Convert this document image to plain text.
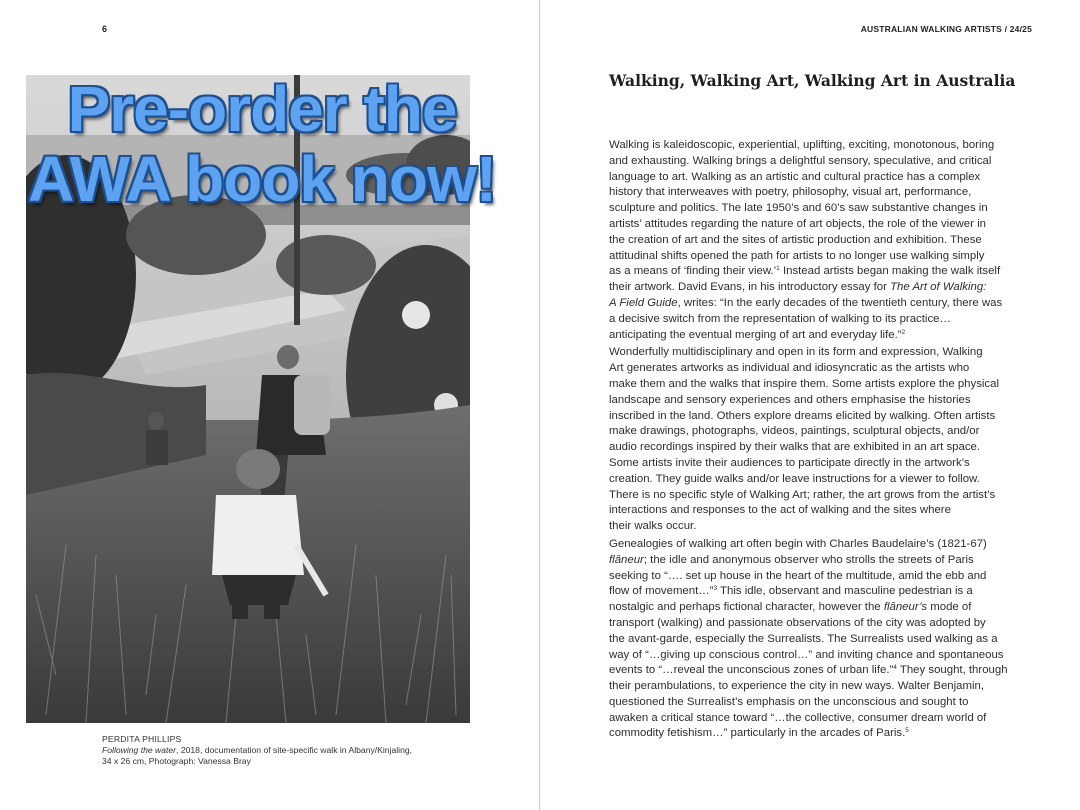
6
Pre-order the
AWA book now!
PERDITA PHILLIPS
Following the water, 2018, documentation of site-specific walk in Albany/Kinjaling,
34 x 26 cm, Photograph: Vanessa Bray
AUSTRALIAN WALKING ARTISTS / 24/25
Walking, Walking Art, Walking Art in Australia

Walking is kaleidoscopic, experiential, uplifting, exciting, monotonous, boring
and exhausting. Walking brings a delightful sensory, speculative, and critical
language to art. Walking as an artistic and cultural practice has a complex
history that interweaves with poetry, philosophy, visual art, performance,
sculpture and politics. The late 1950’s and 60’s saw substantive changes in
artists’ attitudes regarding the nature of art objects, the role of the viewer in
the creation of art and the sites of artistic production and exhibition. These
attitudinal shifts opened the path for artists to no longer use walking simply
as a means of ‘finding their view.’$^1$ Instead artists began making the walk itself
their artwork. David Evans, in his introductory essay for The Art of Walking:
A Field Guide, writes: “In the early decades of the twentieth century, there was
a decisive switch from the representation of walking to its practice…
anticipating the eventual merging of art and everyday life.”$^2$

Wonderfully multidisciplinary and open in its form and expression, Walking
Art generates artworks as individual and idiosyncratic as the artists who
make them and the walks that inspire them. Some artists explore the physical
landscape and sensory experiences and others emphasise the histories
inscribed in the land. Others explore dreams elicited by walking. Often artists
make drawings, photographs, videos, paintings, sculptural objects, and/or
audio recordings inspired by their walks that are exhibited in an art space.
Some artists invite their audiences to participate directly in the artwork’s
creation. They guide walks and/or leave instructions for a viewer to follow.
There is no specific style of Walking Art; rather, the art grows from the artist’s
interactions and responses to the act of walking and the sites where
their walks occur.

Genealogies of walking art often begin with Charles Baudelaire’s (1821-67)
flâneur; the idle and anonymous observer who strolls the streets of Paris
seeking to “…. set up house in the heart of the multitude, amid the ebb and
flow of movement…”$^3$ This idle, observant and masculine pedestrian is a
nostalgic and perhaps fictional character, however the flâneur’s mode of
transport (walking) and passionate observations of the city was adopted by
the avant-garde, especially the Surrealists. The Surrealists used walking as a
way of “…giving up conscious control…” and inviting chance and spontaneous
events to “…reveal the unconscious zones of urban life.”$^4$ They sought, through
their perambulations, to experience the city in new ways. Walter Benjamin,
questioned the Surrealist’s emphasis on the unconscious and sought to
awaken a critical stance toward “…the collective, consumer dream world of
commodity fetishism…” particularly in the arcades of Paris.$^5$
